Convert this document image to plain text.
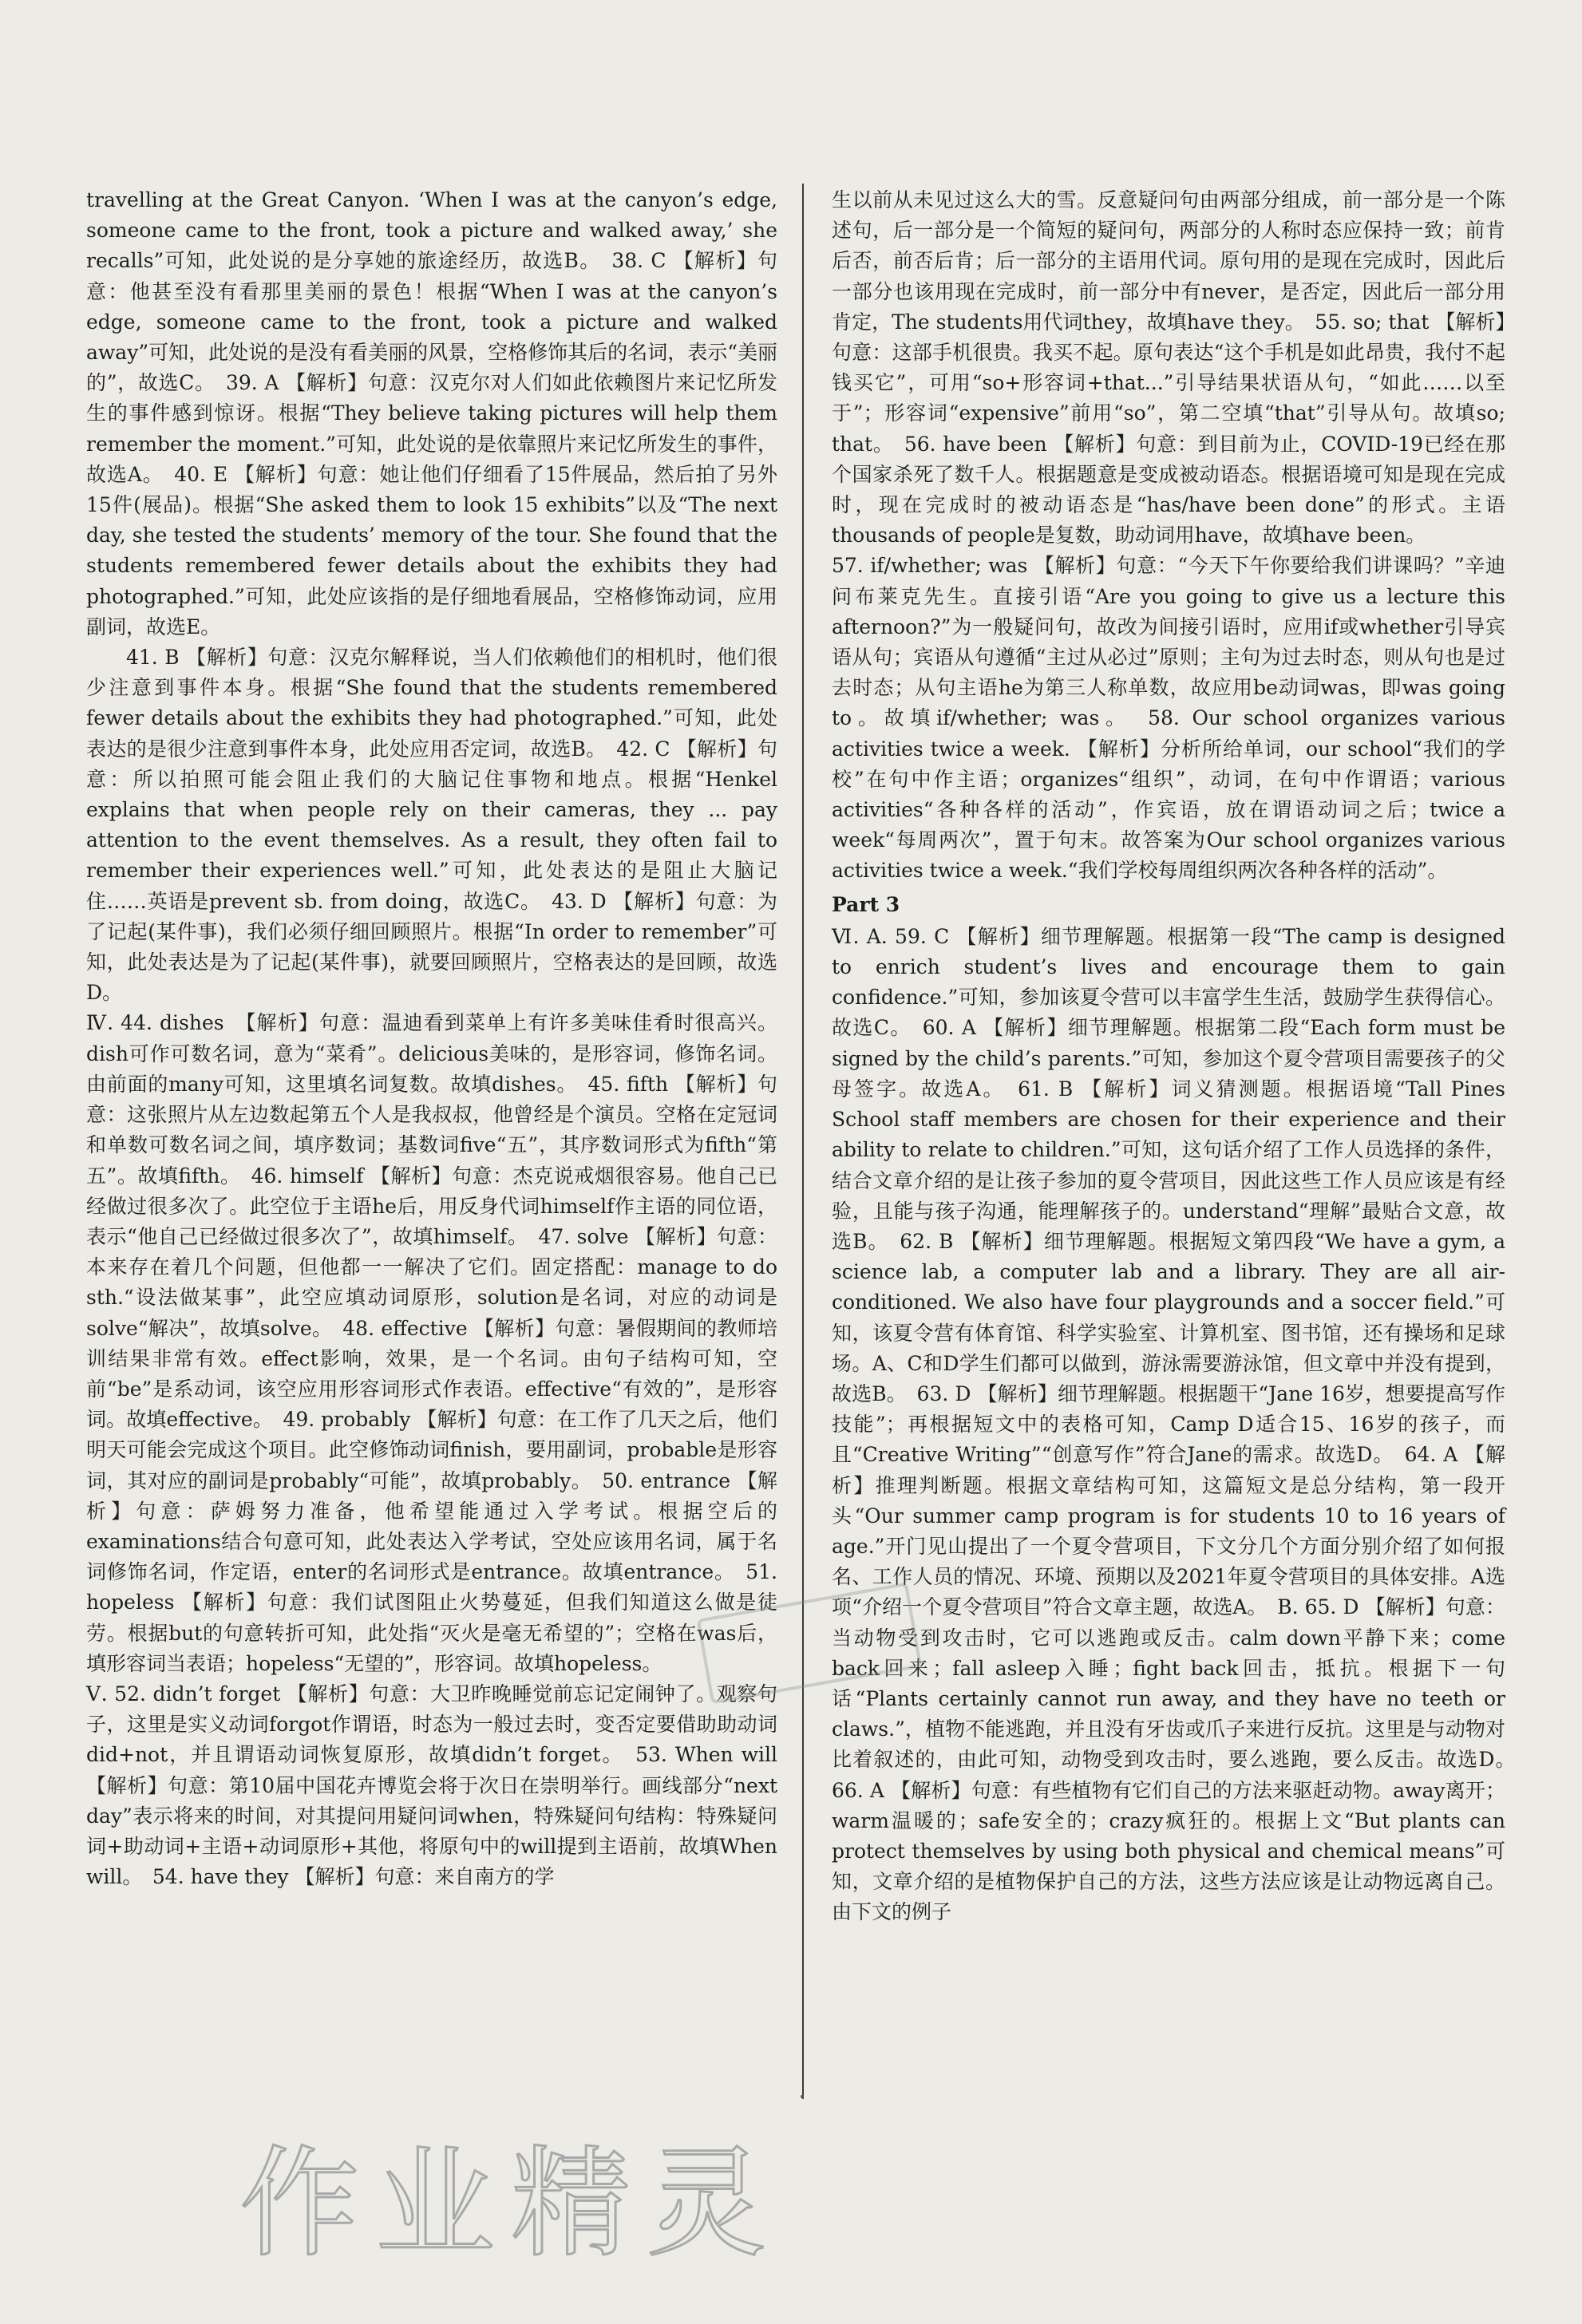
travelling at the Great Canyon. ‘When I was at the canyon’s edge, someone came to the front, took a picture and walked away,’ she recalls”可知，此处说的是分享她的旅途经历，故选B。　38. C 【解析】句意：他甚至没有看那里美丽的景色！根据“When I was at the canyon’s edge, someone came to the front, took a picture and walked away”可知，此处说的是没有看美丽的风景，空格修饰其后的名词，表示“美丽的”，故选C。　39. A 【解析】句意：汉克尔对人们如此依赖图片来记忆所发生的事件感到惊讶。根据“They believe taking pictures will help them remember the moment.”可知，此处说的是依靠照片来记忆所发生的事件，故选A。　40. E 【解析】句意：她让他们仔细看了15件展品，然后拍了另外15件(展品)。根据“She asked them to look 15 exhibits”以及“The next day, she tested the students’ memory of the tour. She found that the students remembered fewer details about the exhibits they had photographed.”可知，此处应该指的是仔细地看展品，空格修饰动词，应用副词，故选E。

41. B 【解析】句意：汉克尔解释说，当人们依赖他们的相机时，他们很少注意到事件本身。根据“She found that the students remembered fewer details about the exhibits they had photographed.”可知，此处表达的是很少注意到事件本身，此处应用否定词，故选B。　42. C 【解析】句意：所以拍照可能会阻止我们的大脑记住事物和地点。根据“Henkel explains that when people rely on their cameras, they ... pay attention to the event themselves. As a result, they often fail to remember their experiences well.”可知，此处表达的是阻止大脑记住……英语是prevent sb. from doing，故选C。　43. D 【解析】句意：为了记起(某件事)，我们必须仔细回顾照片。根据“In order to remember”可知，此处表达是为了记起(某件事)，就要回顾照片，空格表达的是回顾，故选D。

Ⅳ. 44. dishes　【解析】句意：温迪看到菜单上有许多美味佳肴时很高兴。dish可作可数名词，意为“菜肴”。delicious美味的，是形容词，修饰名词。由前面的many可知，这里填名词复数。故填dishes。　45. fifth 【解析】句意：这张照片从左边数起第五个人是我叔叔，他曾经是个演员。空格在定冠词和单数可数名词之间，填序数词；基数词five“五”，其序数词形式为fifth“第五”。故填fifth。　46. himself 【解析】句意：杰克说戒烟很容易。他自己已经做过很多次了。此空位于主语he后，用反身代词himself作主语的同位语，表示“他自己已经做过很多次了”，故填himself。　47. solve 【解析】句意：本来存在着几个问题，但他都一一解决了它们。固定搭配：manage to do sth.“设法做某事”，此空应填动词原形，solution是名词，对应的动词是solve“解决”，故填solve。　48. effective 【解析】句意：暑假期间的教师培训结果非常有效。effect影响，效果，是一个名词。由句子结构可知，空前“be”是系动词，该空应用形容词形式作表语。effective“有效的”，是形容词。故填effective。　49. probably 【解析】句意：在工作了几天之后，他们明天可能会完成这个项目。此空修饰动词finish，要用副词，probable是形容词，其对应的副词是probably“可能”，故填probably。　50. entrance 【解析】句意：萨姆努力准备，他希望能通过入学考试。根据空后的examinations结合句意可知，此处表达入学考试，空处应该用名词，属于名词修饰名词，作定语，enter的名词形式是entrance。故填entrance。　51. hopeless 【解析】句意：我们试图阻止火势蔓延，但我们知道这么做是徒劳。根据but的句意转折可知，此处指“灭火是毫无希望的”；空格在was后，填形容词当表语；hopeless“无望的”，形容词。故填hopeless。

Ⅴ. 52. didn’t forget 【解析】句意：大卫昨晚睡觉前忘记定闹钟了。观察句子，这里是实义动词forgot作谓语，时态为一般过去时，变否定要借助助动词did+not，并且谓语动词恢复原形，故填didn’t forget。　53. When will 【解析】句意：第10届中国花卉博览会将于次日在崇明举行。画线部分“next day”表示将来的时间，对其提问用疑问词when，特殊疑问句结构：特殊疑问词+助动词+主语+动词原形+其他，将原句中的will提到主语前，故填When will。　54. have they 【解析】句意：来自南方的学

生以前从未见过这么大的雪。反意疑问句由两部分组成，前一部分是一个陈述句，后一部分是一个简短的疑问句，两部分的人称时态应保持一致；前肯后否，前否后肯；后一部分的主语用代词。原句用的是现在完成时，因此后一部分也该用现在完成时，前一部分中有never，是否定，因此后一部分用肯定，The students用代词they，故填have they。　55. so; that 【解析】句意：这部手机很贵。我买不起。原句表达“这个手机是如此昂贵，我付不起钱买它”，可用“so+形容词+that...”引导结果状语从句，“如此……以至于”；形容词“expensive”前用“so”，第二空填“that”引导从句。故填so; that。　56. have been 【解析】句意：到目前为止，COVID-19已经在那个国家杀死了数千人。根据题意是变成被动语态。根据语境可知是现在完成时，现在完成时的被动语态是“has/have been done”的形式。主语thousands of people是复数，助动词用have，故填have been。

57. if/whether; was 【解析】句意：“今天下午你要给我们讲课吗？”辛迪问布莱克先生。直接引语“Are you going to give us a lecture this afternoon?”为一般疑问句，故改为间接引语时，应用if或whether引导宾语从句；宾语从句遵循“主过从必过”原则；主句为过去时态，则从句也是过去时态；从句主语he为第三人称单数，故应用be动词was，即was going to。故填if/whether; was。　58. Our school organizes various activities twice a week. 【解析】分析所给单词，our school“我们的学校”在句中作主语；organizes“组织”，动词，在句中作谓语；various activities“各种各样的活动”，作宾语，放在谓语动词之后；twice a week“每周两次”，置于句末。故答案为Our school organizes various activities twice a week.“我们学校每周组织两次各种各样的活动”。

Part 3

Ⅵ. A. 59. C 【解析】细节理解题。根据第一段“The camp is designed to enrich student’s lives and encourage them to gain confidence.”可知，参加该夏令营可以丰富学生生活，鼓励学生获得信心。故选C。　60. A 【解析】细节理解题。根据第二段“Each form must be signed by the child’s parents.”可知，参加这个夏令营项目需要孩子的父母签字。故选A。　61. B 【解析】词义猜测题。根据语境“Tall Pines School staff members are chosen for their experience and their ability to relate to children.”可知，这句话介绍了工作人员选择的条件，结合文章介绍的是让孩子参加的夏令营项目，因此这些工作人员应该是有经验，且能与孩子沟通，能理解孩子的。understand“理解”最贴合文意，故选B。　62. B 【解析】细节理解题。根据短文第四段“We have a gym, a science lab, a computer lab and a library. They are all air-conditioned. We also have four playgrounds and a soccer field.”可知，该夏令营有体育馆、科学实验室、计算机室、图书馆，还有操场和足球场。A、C和D学生们都可以做到，游泳需要游泳馆，但文章中并没有提到，故选B。　63. D 【解析】细节理解题。根据题干“Jane 16岁，想要提高写作技能”；再根据短文中的表格可知，Camp D适合15、16岁的孩子，而且“Creative Writing”“创意写作”符合Jane的需求。故选D。　64. A 【解析】推理判断题。根据文章结构可知，这篇短文是总分结构，第一段开头“Our summer camp program is for students 10 to 16 years of age.”开门见山提出了一个夏令营项目，下文分几个方面分别介绍了如何报名、工作人员的情况、环境、预期以及2021年夏令营项目的具体安排。A选项“介绍一个夏令营项目”符合文章主题，故选A。　B. 65. D 【解析】句意：当动物受到攻击时，它可以逃跑或反击。calm down平静下来；come back回来；fall asleep入睡；fight back回击，抵抗。根据下一句话“Plants certainly cannot run away, and they have no teeth or claws.”，植物不能逃跑，并且没有牙齿或爪子来进行反抗。这里是与动物对比着叙述的，由此可知，动物受到攻击时，要么逃跑，要么反击。故选D。　66. A 【解析】句意：有些植物有它们自己的方法来驱赶动物。away离开；warm温暖的；safe安全的；crazy疯狂的。根据上文“But plants can protect themselves by using both physical and chemical means”可知，文章介绍的是植物保护自己的方法，这些方法应该是让动物远离自己。由下文的例子

作业精灵
